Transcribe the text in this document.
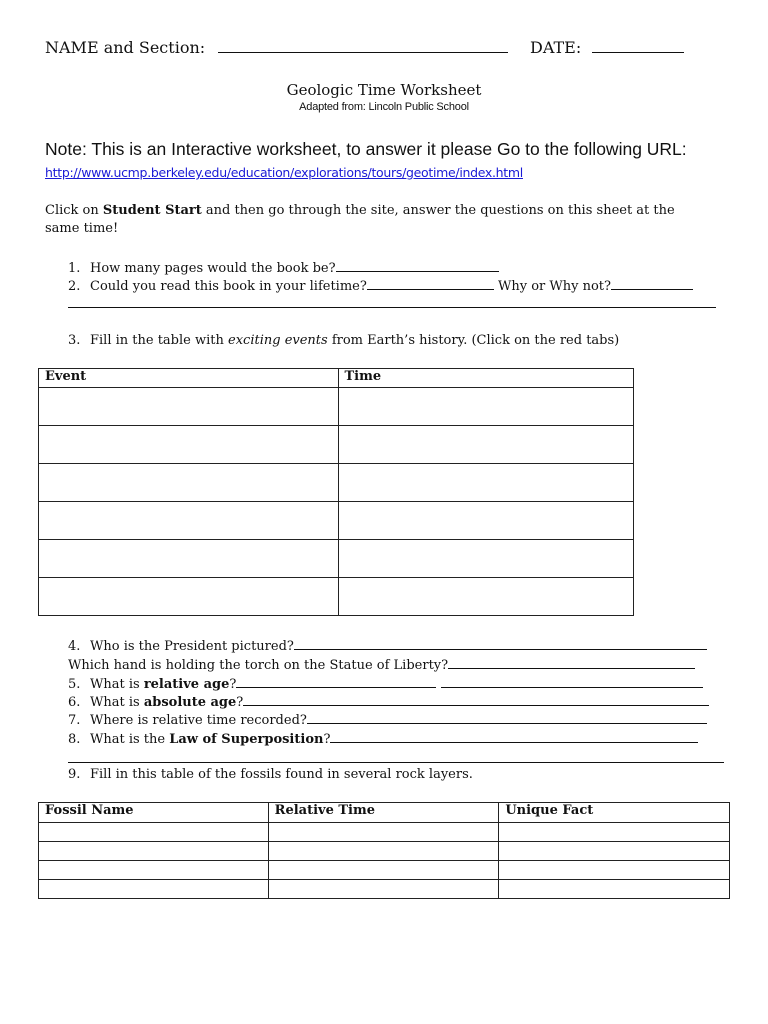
NAME and Section:	DATE:
Geologic Time Worksheet
Adapted from: Lincoln Public School
Note: This is an Interactive worksheet, to answer it please Go to the following URL:
http://www.ucmp.berkeley.edu/education/explorations/tours/geotime/index.html
Click on Student Start and then go through the site, answer the questions on this sheet at the
same time!
1. How many pages would the book be?
2. Could you read this book in your lifetime?	Why or Why not?
3. Fill in the table with exciting events from Earth’s history. (Click on the red tabs)
Event	Time

4. Who is the President pictured?
Which hand is holding the torch on the Statue of Liberty?
5. What is relative age?
6. What is absolute age?
7. Where is relative time recorded?
8. What is the Law of Superposition?
9. Fill in this table of the fossils found in several rock layers.
Fossil Name	Relative Time	Unique Fact
